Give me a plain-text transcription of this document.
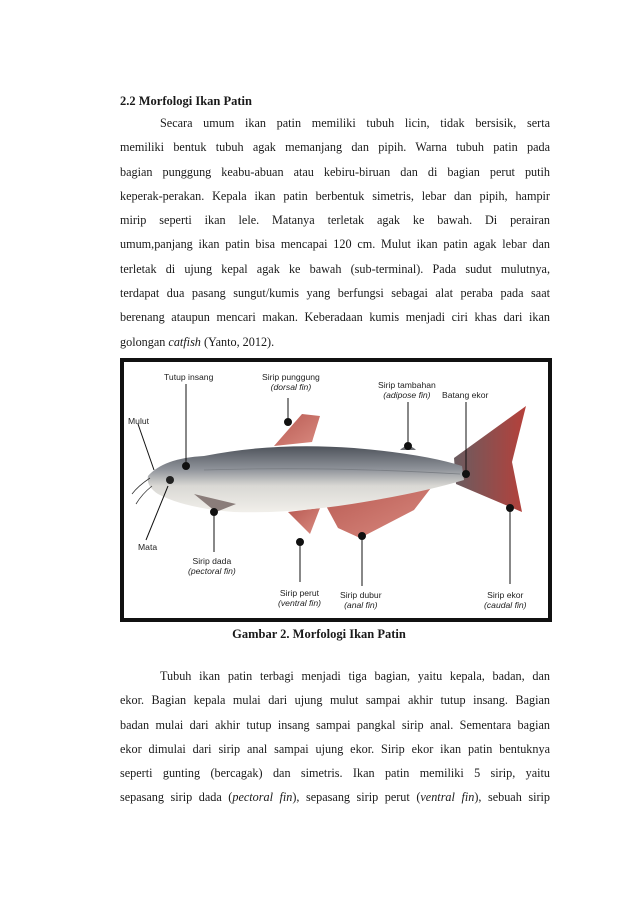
2.2 Morfologi Ikan Patin

Secara umum ikan patin memiliki tubuh licin, tidak bersisik, serta
memiliki bentuk tubuh agak memanjang dan pipih. Warna tubuh patin pada
bagian punggung keabu-abuan atau kebiru-biruan dan di bagian perut putih
keperak-perakan. Kepala ikan patin berbentuk simetris, lebar dan pipih, hampir
mirip seperti ikan lele. Matanya terletak agak ke bawah. Di perairan
umum,panjang ikan patin bisa mencapai 120 cm. Mulut ikan patin agak lebar dan
terletak di ujung kepal agak ke bawah (sub-terminal). Pada sudut mulutnya,
terdapat dua pasang sungut/kumis yang berfungsi sebagai alat peraba pada saat
berenang ataupun mencari makan. Keberadaan kumis menjadi ciri khas dari ikan
golongan catfish (Yanto, 2012).

Tutup insang	Sirip punggung
(dorsal fin)	Sirip tambahan
(adipose fin)	Batang ekor
Mulut
Mata
Sirip dada
(pectoral fin)
Sirip perut
(ventral fin)
Sirip dubur
(anal fin)
Sirip ekor
(caudal fin)
Gambar 2. Morfologi Ikan Patin

Tubuh ikan patin terbagi menjadi tiga bagian, yaitu kepala, badan, dan
ekor. Bagian kepala mulai dari ujung mulut sampai akhir tutup insang. Bagian
badan mulai dari akhir tutup insang sampai pangkal sirip anal. Sementara bagian
ekor dimulai dari sirip anal sampai ujung ekor. Sirip ekor ikan patin bentuknya
seperti gunting (bercagak) dan simetris. Ikan patin memiliki 5 sirip, yaitu
sepasang sirip dada (pectoral fin), sepasang sirip perut (ventral fin), sebuah sirip
